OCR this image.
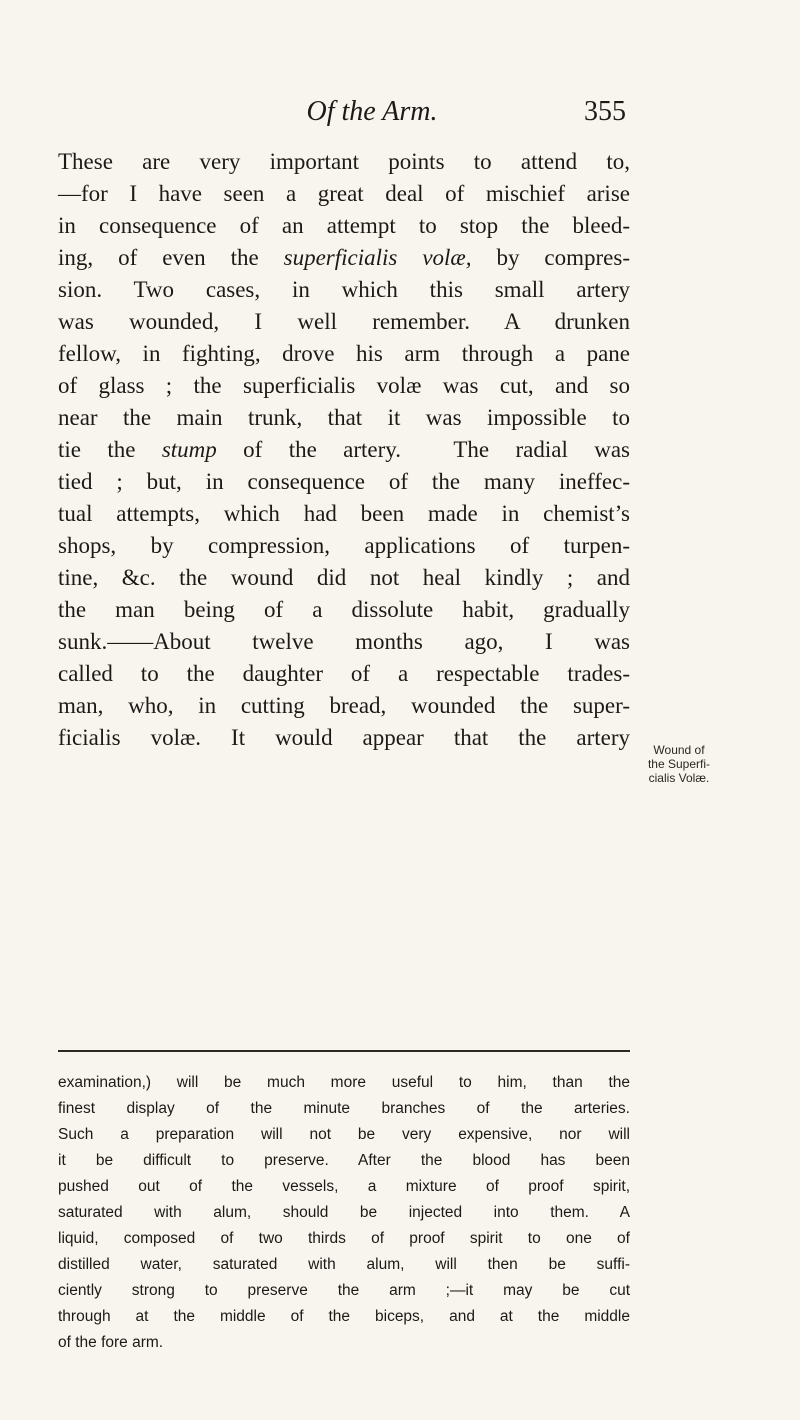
Of the Arm.	355
These are very important points to attend to,
—for I have seen a great deal of mischief arise
in consequence of an attempt to stop the bleed-
ing, of even the superficialis volæ, by compres-
sion. Two cases, in which this small artery
was wounded, I well remember. A drunken
fellow, in fighting, drove his arm through a pane
of glass ; the superficialis volæ was cut, and so
near the main trunk, that it was impossible to
tie the stump of the artery.  The radial was
tied ; but, in consequence of the many ineffec-
tual attempts, which had been made in chemist’s
shops, by compression, applications of turpen-
tine, &c. the wound did not heal kindly ; and
the man being of a dissolute habit, gradually
sunk.——About twelve months ago, I was
called to the daughter of a respectable trades-
man, who, in cutting bread, wounded the super-
ficialis volæ. It would appear that the artery	Wound of
the Superfi-
cialis Volæ.
examination,) will be much more useful to him, than the
finest display of the minute branches of the arteries.
Such a preparation will not be very expensive, nor will
it be difficult to preserve. After the blood has been
pushed out of the vessels, a mixture of proof spirit,
saturated with alum, should be injected into them. A
liquid, composed of two thirds of proof spirit to one of
distilled water, saturated with alum, will then be suffi-
ciently strong to preserve the arm ;—it may be cut
through at the middle of the biceps, and at the middle
of the fore arm.
